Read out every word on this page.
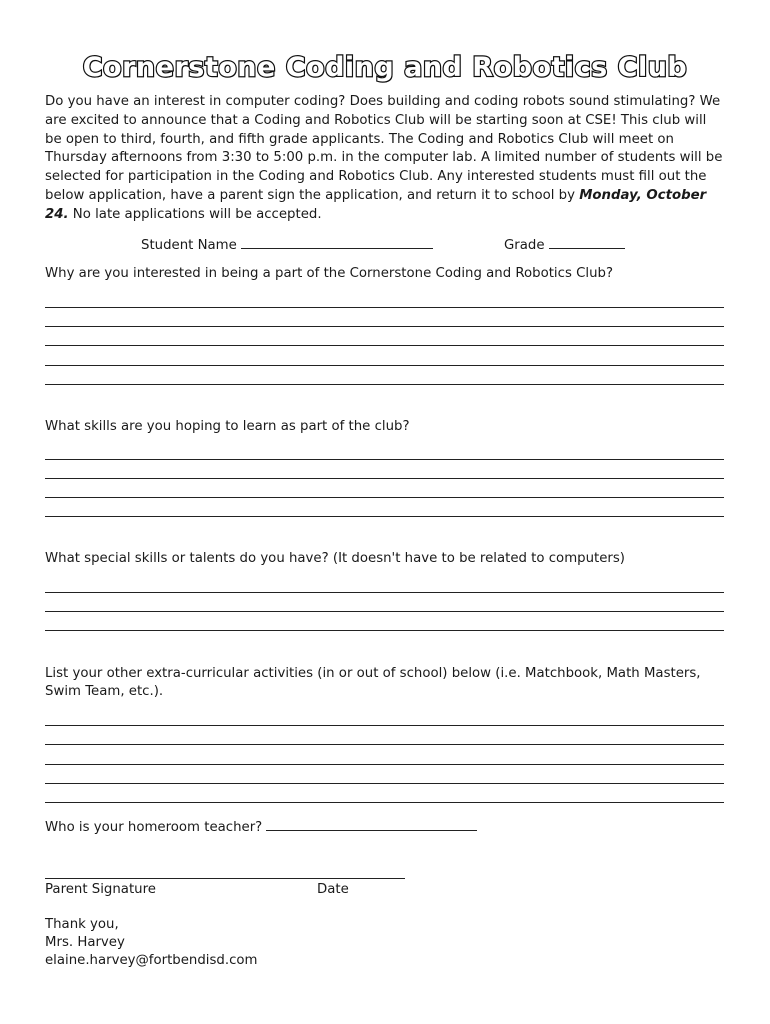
Cornerstone Coding and Robotics Club

Do you have an interest in computer coding? Does building and coding robots sound stimulating? We are excited to announce that a Coding and Robotics Club will be starting soon at CSE! This club will be open to third, fourth, and fifth grade applicants. The Coding and Robotics Club will meet on Thursday afternoons from 3:30 to 5:00 p.m. in the computer lab. A limited number of students will be selected for participation in the Coding and Robotics Club. Any interested students must fill out the below application, have a parent sign the application, and return it to school by Monday, October 24. No late applications will be accepted.

Student Name	Grade
Why are you interested in being a part of the Cornerstone Coding and Robotics Club?
What skills are you hoping to learn as part of the club?
What special skills or talents do you have? (It doesn't have to be related to computers)
List your other extra-curricular activities (in or out of school) below (i.e. Matchbook, Math Masters,
Swim Team, etc.).
Who is your homeroom teacher?
Parent Signature	Date
Thank you,
Mrs. Harvey
elaine.harvey@fortbendisd.com
